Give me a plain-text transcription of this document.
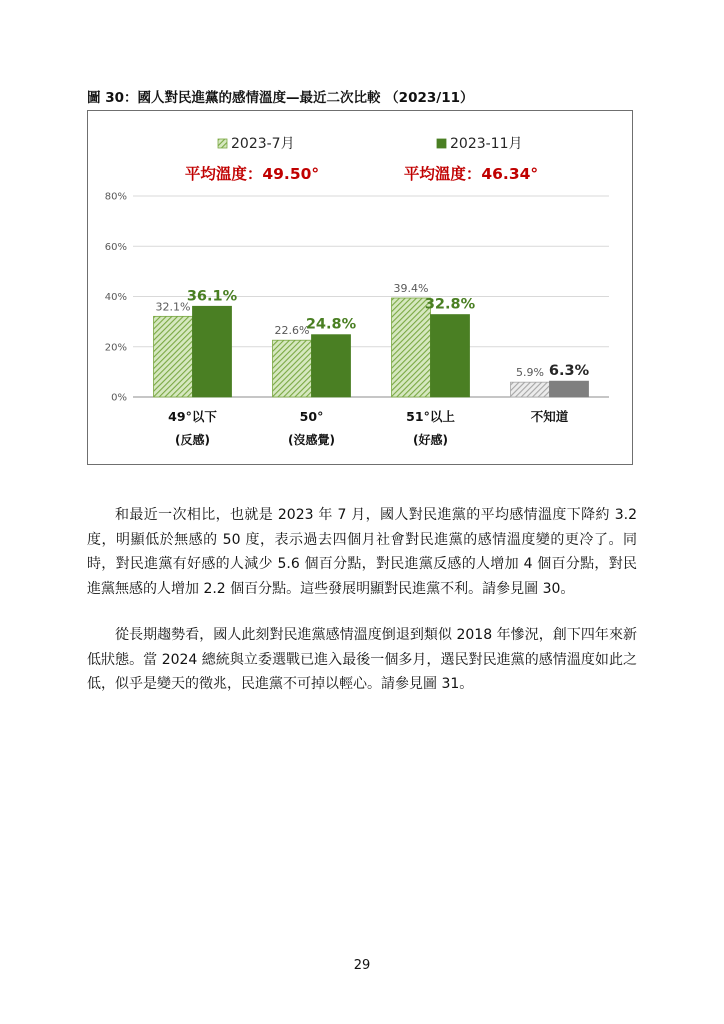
圖 30：國人對民進黨的感情溫度—最近二次比較 （2023/11）
0%
20%
40%
60%
80%
32.1%
36.1%
49°以下
(反感)
22.6%
24.8%
50°
(沒感覺)
39.4%
32.8%
51°以上
(好感)
5.9% 6.3%
不知道
2023-7月
平均溫度：49.50°
2023-11月
平均溫度：46.34°

和最近一次相比，也就是 2023 年 7 月，國人對民進黨的平均感情溫度下降約 3.2 度，明顯低於無感的 50 度，表示過去四個月社會對民進黨的感情溫度變的更冷了。同時，對民進黨有好感的人減少 5.6 個百分點，對民進黨反感的人增加 4 個百分點，對民進黨無感的人增加 2.2 個百分點。這些發展明顯對民進黨不利。請參見圖 30。

從長期趨勢看，國人此刻對民進黨感情溫度倒退到類似 2018 年慘況，創下四年來新低狀態。當 2024 總統與立委選戰已進入最後一個多月，選民對民進黨的感情溫度如此之低，似乎是變天的徵兆，民進黨不可掉以輕心。請參見圖 31。

29
